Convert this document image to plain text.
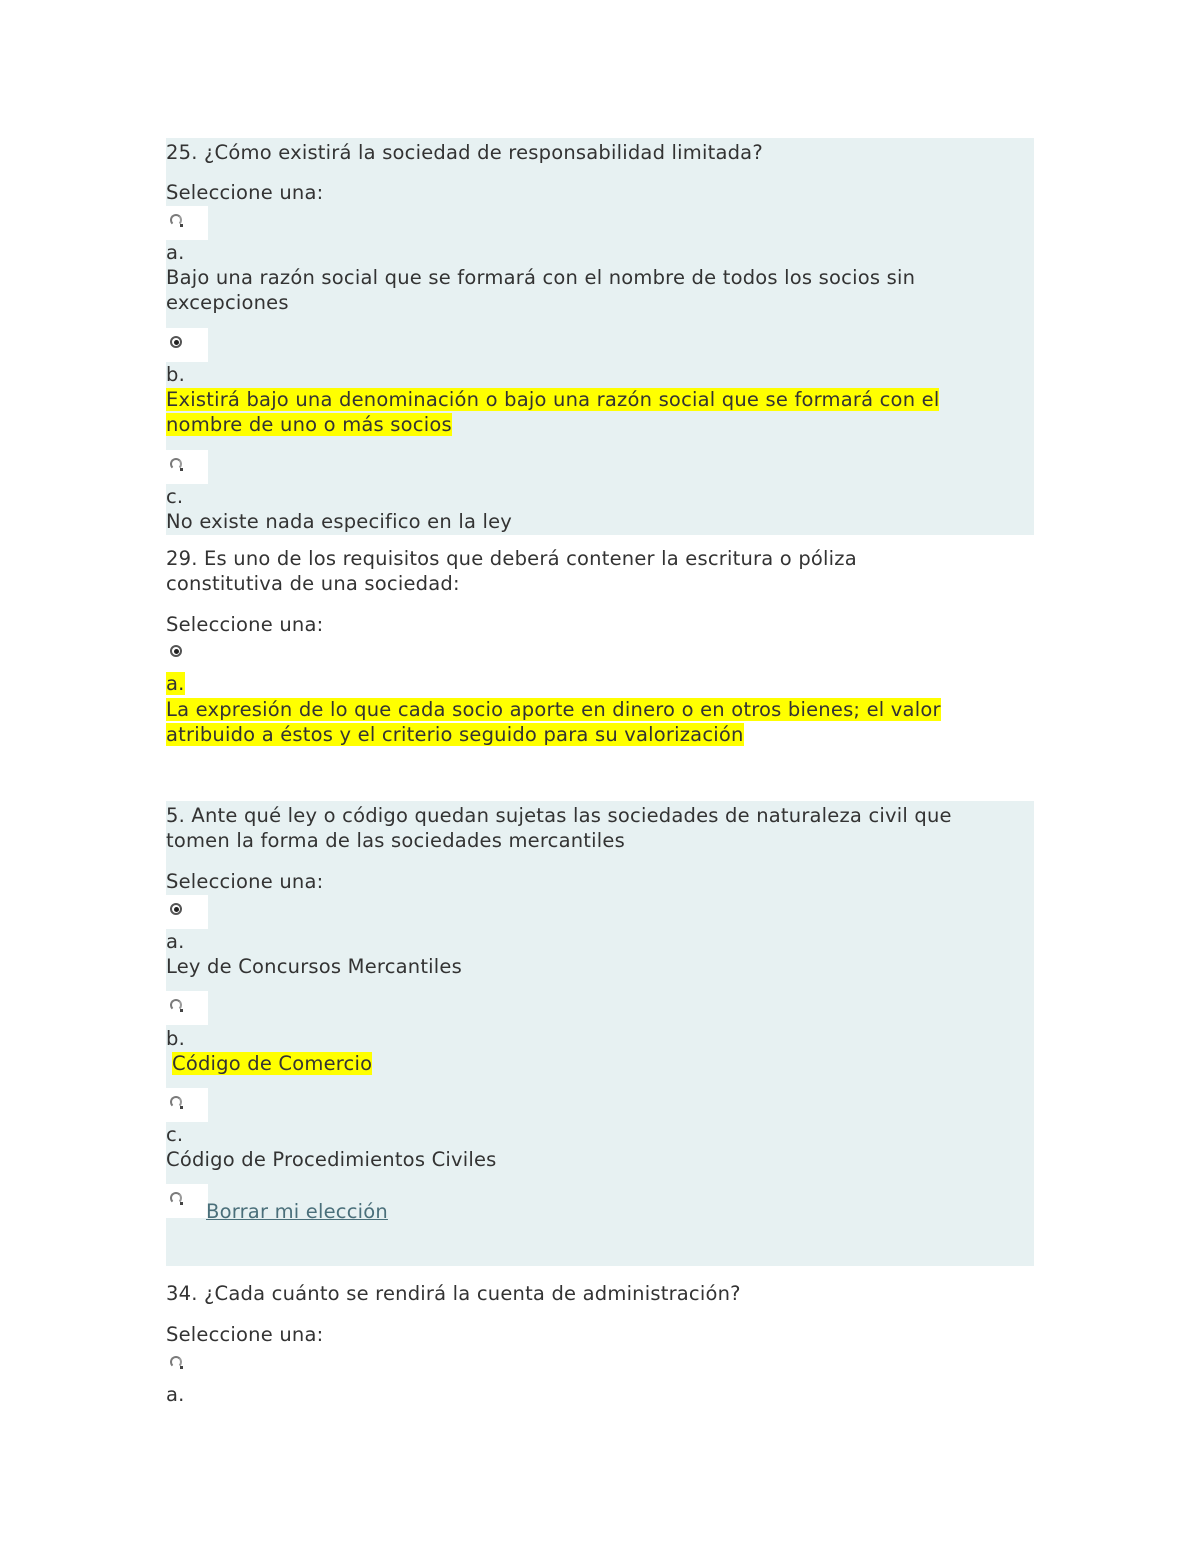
25. ¿Cómo existirá la sociedad de responsabilidad limitada?
Seleccione una:
a.
Bajo una razón social que se formará con el nombre de todos los socios sin
excepciones
b.
Existirá bajo una denominación o bajo una razón social que se formará con el
nombre de uno o más socios
c.
No existe nada especifico en la ley
29. Es uno de los requisitos que deberá contener la escritura o póliza
constitutiva de una sociedad:
Seleccione una:
a.
La expresión de lo que cada socio aporte en dinero o en otros bienes; el valor
atribuido a éstos y el criterio seguido para su valorización
5. Ante qué ley o código quedan sujetas las sociedades de naturaleza civil que
tomen la forma de las sociedades mercantiles
Seleccione una:
a.
Ley de Concursos Mercantiles
b.
Código de Comercio
c.
Código de Procedimientos Civiles
Borrar mi elección
34. ¿Cada cuánto se rendirá la cuenta de administración?
Seleccione una:
a.
